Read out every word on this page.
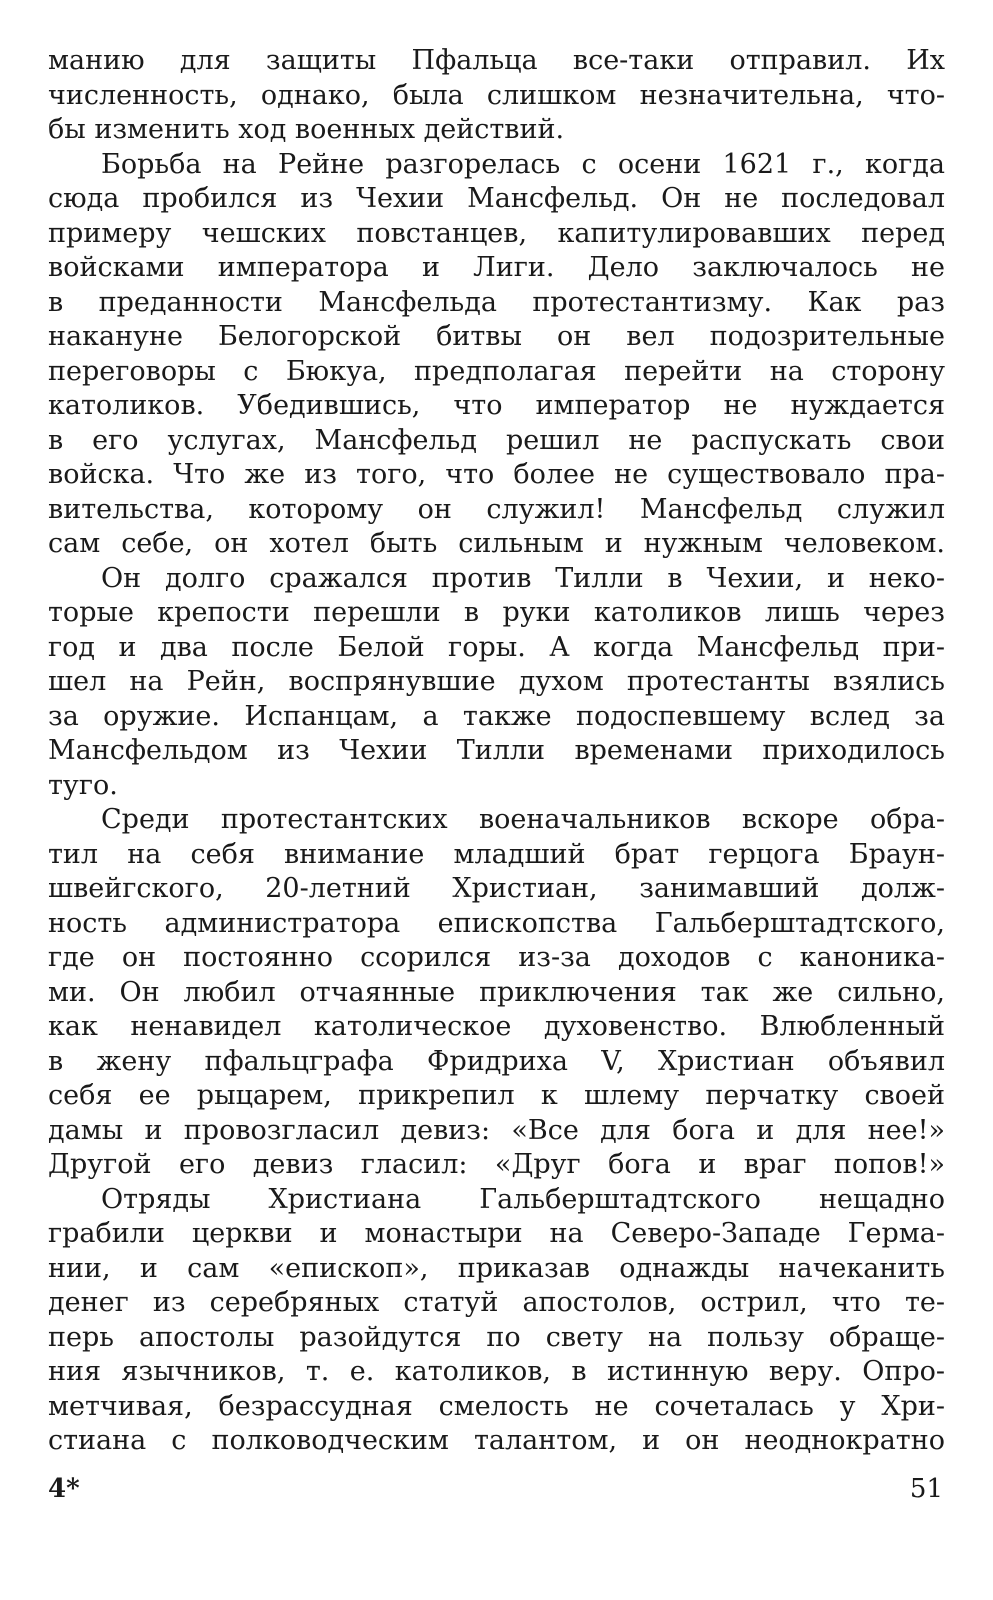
манию для защиты Пфальца все-таки отправил. Их
численность, однако, была слишком незначительна, что-
бы изменить ход военных действий.
Борьба на Рейне разгорелась с осени 1621 г., когда
сюда пробился из Чехии Мансфельд. Он не последовал
примеру чешских повстанцев, капитулировавших перед
войсками императора и Лиги. Дело заключалось не
в преданности Мансфельда протестантизму. Как раз
накануне Белогорской битвы он вел подозрительные
переговоры с Бюкуа, предполагая перейти на сторону
католиков. Убедившись, что император не нуждается
в его услугах, Мансфельд решил не распускать свои
войска. Что же из того, что более не существовало пра-
вительства, которому он служил! Мансфельд служил
сам себе, он хотел быть сильным и нужным человеком.
Он долго сражался против Тилли в Чехии, и неко-
торые крепости перешли в руки католиков лишь через
год и два после Белой горы. А когда Мансфельд при-
шел на Рейн, воспрянувшие духом протестанты взялись
за оружие. Испанцам, а также подоспевшему вслед за
Мансфельдом из Чехии Тилли временами приходилось
туго.
Среди протестантских военачальников вскоре обра-
тил на себя внимание младший брат герцога Браун-
швейгского, 20-летний Христиан, занимавший долж-
ность администратора епископства Гальберштадтского,
где он постоянно ссорился из-за доходов с каноника-
ми. Он любил отчаянные приключения так же сильно,
как ненавидел католическое духовенство. Влюбленный
в жену пфальцграфа Фридриха V, Христиан объявил
себя ее рыцарем, прикрепил к шлему перчатку своей
дамы и провозгласил девиз: «Все для бога и для нее!»
Другой его девиз гласил: «Друг бога и враг попов!»
Отряды Христиана Гальберштадтского нещадно
грабили церкви и монастыри на Северо-Западе Герма-
нии, и сам «епископ», приказав однажды начеканить
денег из серебряных статуй апостолов, острил, что те-
перь апостолы разойдутся по свету на пользу обраще-
ния язычников, т. е. католиков, в истинную веру. Опро-
метчивая, безрассудная смелость не сочеталась у Хри-
стиана с полководческим талантом, и он неоднократно
4*	51
